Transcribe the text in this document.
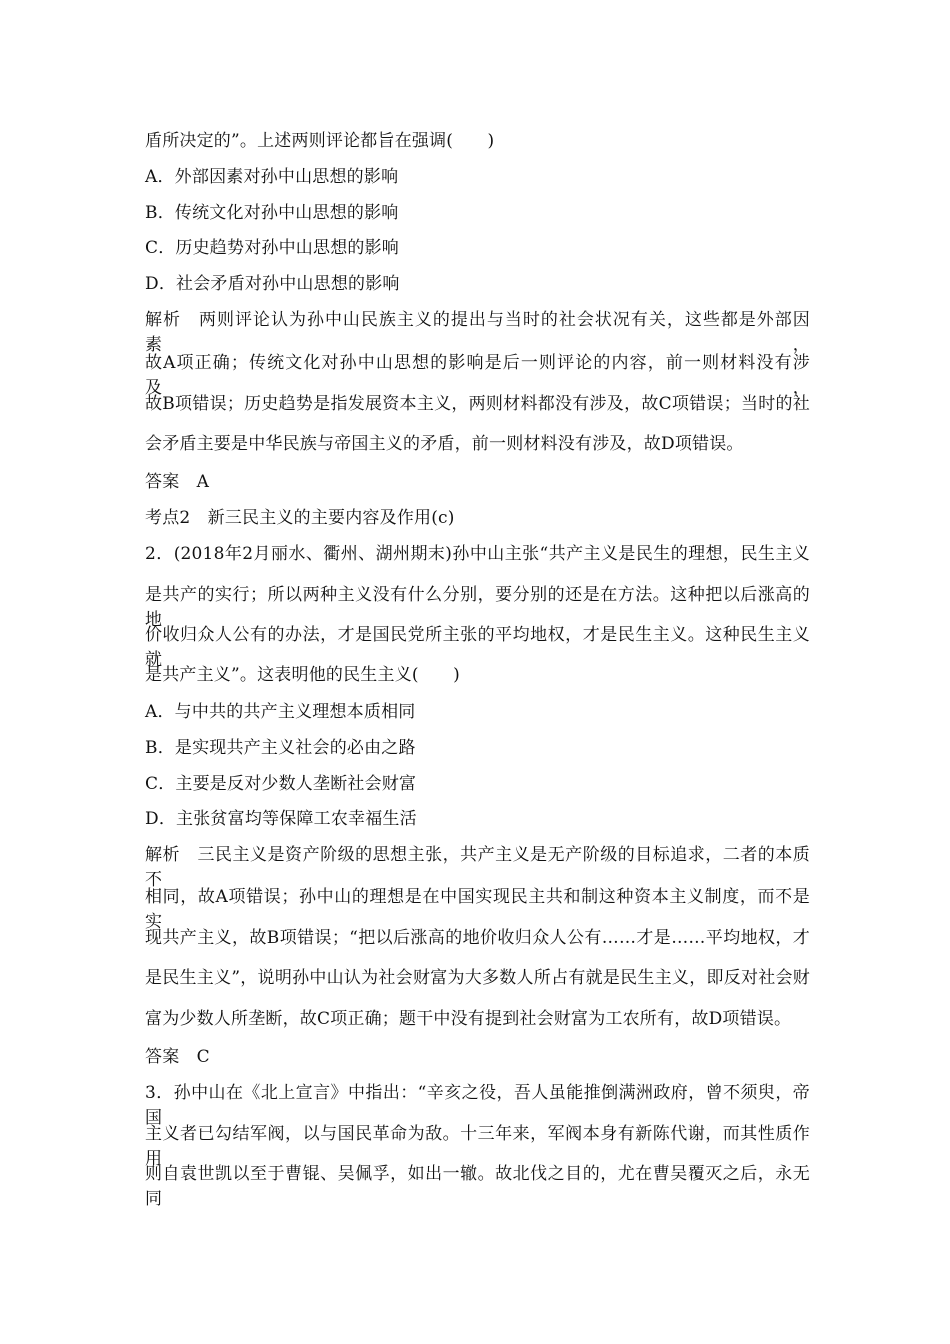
盾所决定的”。上述两则评论都旨在强调(　　)
A．外部因素对孙中山思想的影响
B．传统文化对孙中山思想的影响
C．历史趋势对孙中山思想的影响
D．社会矛盾对孙中山思想的影响
解析　两则评论认为孙中山民族主义的提出与当时的社会状况有关，这些都是外部因素，
故A项正确；传统文化对孙中山思想的影响是后一则评论的内容，前一则材料没有涉及，
故B项错误；历史趋势是指发展资本主义，两则材料都没有涉及，故C项错误；当时的社
会矛盾主要是中华民族与帝国主义的矛盾，前一则材料没有涉及，故D项错误。
答案　A
考点2　新三民主义的主要内容及作用(c)
2．(2018年2月丽水、衢州、湖州期末)孙中山主张“共产主义是民生的理想，民生主义
是共产的实行；所以两种主义没有什么分别，要分别的还是在方法。这种把以后涨高的地
价收归众人公有的办法，才是国民党所主张的平均地权，才是民生主义。这种民生主义就
是共产主义”。这表明他的民生主义(　　)
A．与中共的共产主义理想本质相同
B．是实现共产主义社会的必由之路
C．主要是反对少数人垄断社会财富
D．主张贫富均等保障工农幸福生活
解析　三民主义是资产阶级的思想主张，共产主义是无产阶级的目标追求，二者的本质不
相同，故A项错误；孙中山的理想是在中国实现民主共和制这种资本主义制度，而不是实
现共产主义，故B项错误；“把以后涨高的地价收归众人公有……才是……平均地权，才
是民生主义”，说明孙中山认为社会财富为大多数人所占有就是民生主义，即反对社会财
富为少数人所垄断，故C项正确；题干中没有提到社会财富为工农所有，故D项错误。
答案　C
3．孙中山在《北上宣言》中指出：“辛亥之役，吾人虽能推倒满洲政府，曾不须臾，帝国
主义者已勾结军阀，以与国民革命为敌。十三年来，军阀本身有新陈代谢，而其性质作用
则自袁世凯以至于曹锟、吴佩孚，如出一辙。故北伐之目的，尤在曹吴覆灭之后，永无同
